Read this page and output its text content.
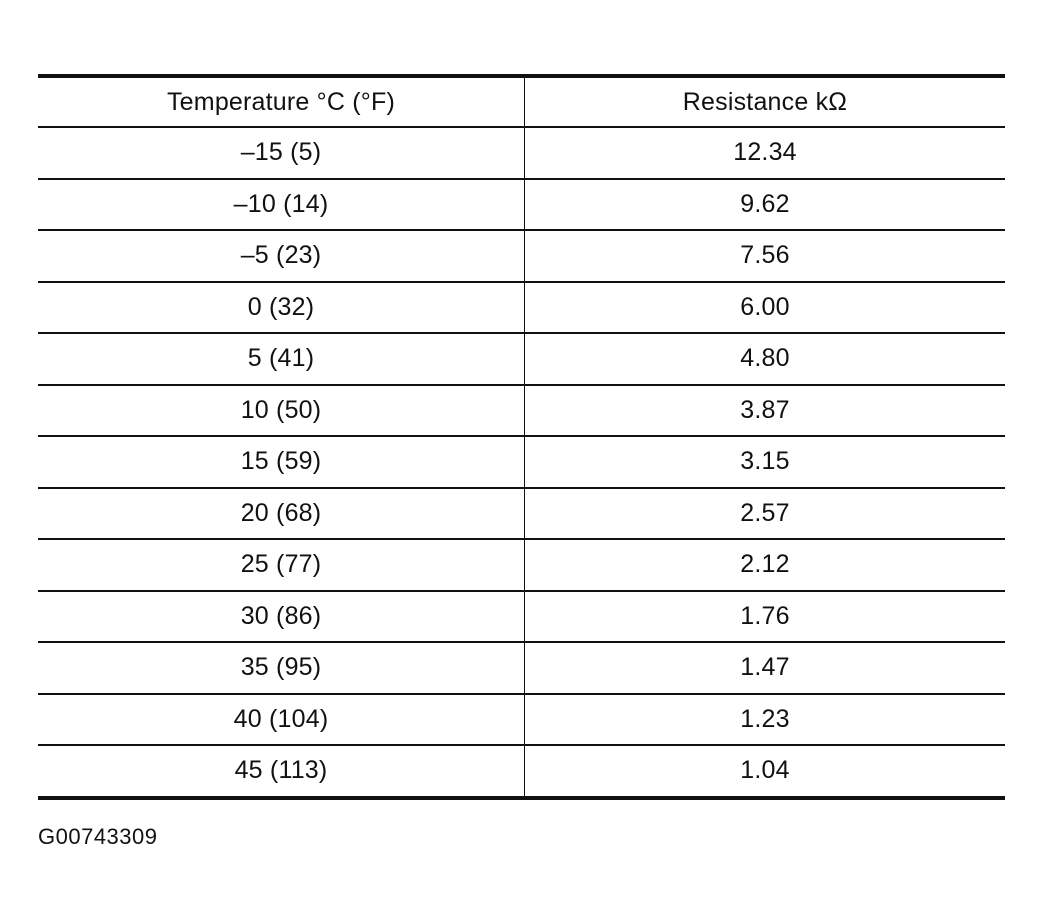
Temperature °C (°F)	Resistance kΩ
–15 (5)	12.34
–10 (14)	9.62
–5 (23)	7.56
0 (32)	6.00
5 (41)	4.80
10 (50)	3.87
15 (59)	3.15
20 (68)	2.57
25 (77)	2.12
30 (86)	1.76
35 (95)	1.47
40 (104)	1.23
45 (113)	1.04
G00743309
